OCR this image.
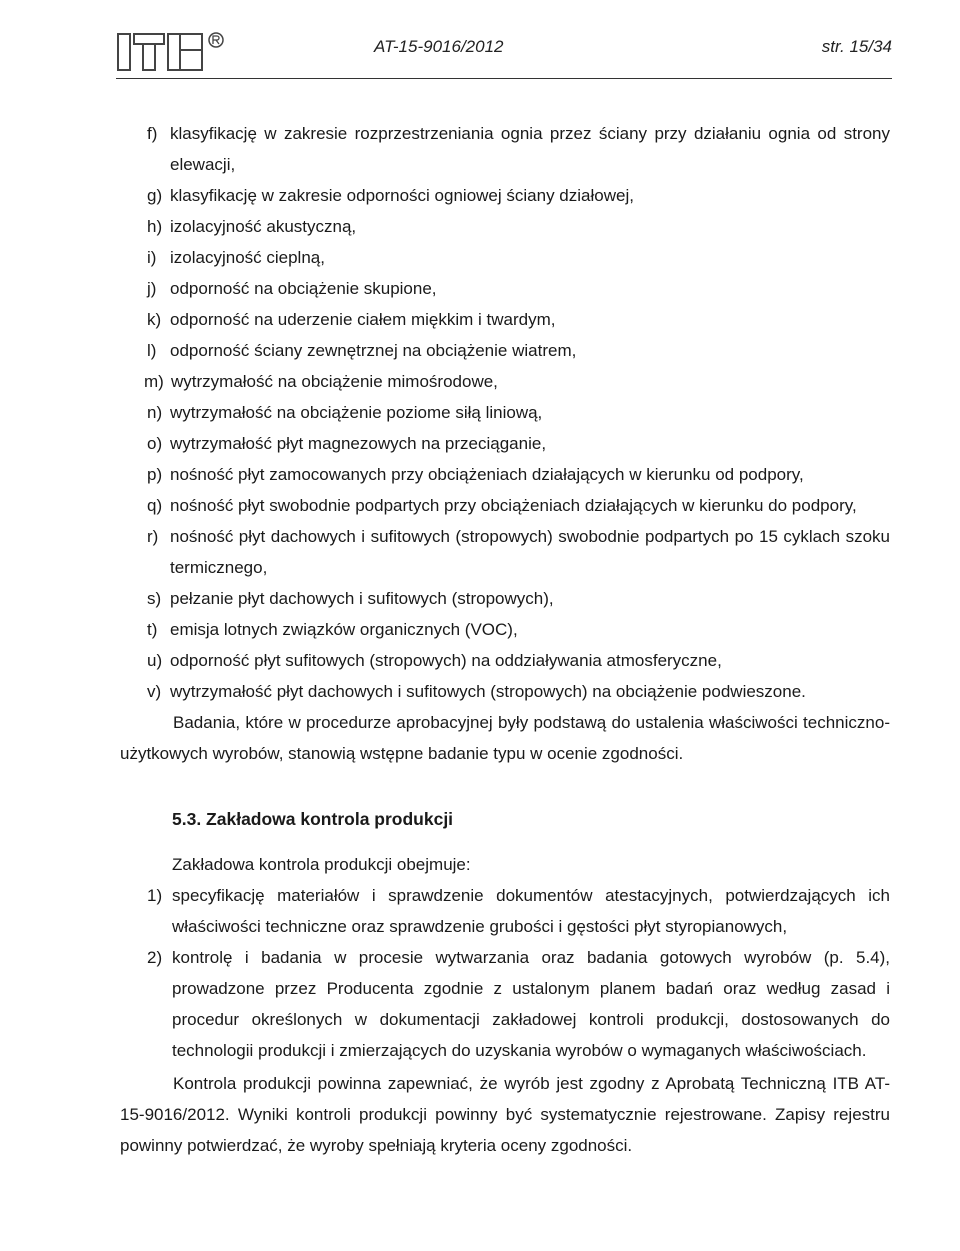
AT-15-9016/2012	str. 15/34
f) klasyfikację w zakresie rozprzestrzeniania ognia przez ściany przy działaniu ognia od strony elewacji,
g) klasyfikację w zakresie odporności ogniowej ściany działowej,
h) izolacyjność akustyczną,
i) izolacyjność cieplną,
j) odporność na obciążenie skupione,
k) odporność na uderzenie ciałem miękkim i twardym,
l) odporność ściany zewnętrznej na obciążenie wiatrem,
m) wytrzymałość na obciążenie mimośrodowe,
n) wytrzymałość na obciążenie poziome siłą liniową,
o) wytrzymałość płyt magnezowych na przeciąganie,
p) nośność płyt zamocowanych przy obciążeniach działających w kierunku od podpory,
q) nośność płyt swobodnie podpartych przy obciążeniach działających w kierunku do podpory,
r) nośność płyt dachowych i sufitowych (stropowych) swobodnie podpartych po 15 cyklach szoku termicznego,
s) pełzanie płyt dachowych i sufitowych (stropowych),
t) emisja lotnych związków organicznych (VOC),
u) odporność płyt sufitowych (stropowych) na oddziaływania atmosferyczne,
v) wytrzymałość płyt dachowych i sufitowych (stropowych) na obciążenie podwieszone.

Badania, które w procedurze aprobacyjnej były podstawą do ustalenia właściwości techniczno-użytkowych wyrobów, stanowią wstępne badanie typu w ocenie zgodności.

5.3. Zakładowa kontrola produkcji

Zakładowa kontrola produkcji obejmuje:

1) specyfikację materiałów i sprawdzenie dokumentów atestacyjnych, potwierdzających ich właściwości techniczne oraz sprawdzenie grubości i gęstości płyt styropianowych,
2) kontrolę i badania w procesie wytwarzania oraz badania gotowych wyrobów (p. 5.4), prowadzone przez Producenta zgodnie z ustalonym planem badań oraz według zasad i procedur określonych w dokumentacji zakładowej kontroli produkcji, dostosowanych do technologii produkcji i zmierzających do uzyskania wyrobów o wymaganych właściwościach.

Kontrola produkcji powinna zapewniać, że wyrób jest zgodny z Aprobatą Techniczną ITB AT-15-9016/2012. Wyniki kontroli produkcji powinny być systematycznie rejestrowane. Zapisy rejestru powinny potwierdzać, że wyroby spełniają kryteria oceny zgodności.
